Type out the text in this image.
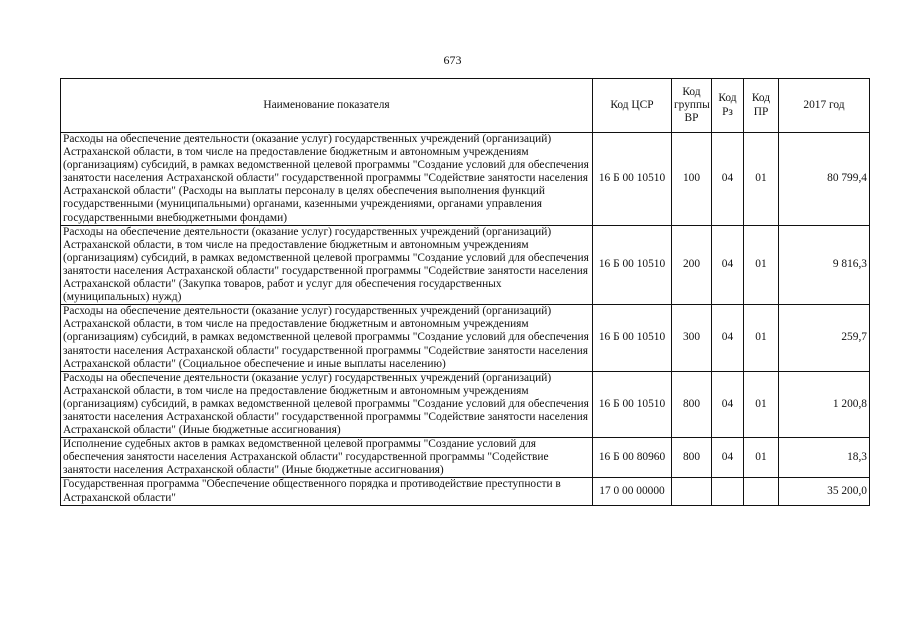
673
Наименование показателя	Код ЦСР	Код группы ВР	Код Рз	Код ПР	2017 год
Расходы на обеспечение деятельности (оказание услуг) государственных учреждений (организаций) Астраханской области, в том числе на предоставление бюджетным и автономным учреждениям (организациям) субсидий, в рамках ведомственной целевой программы "Создание условий для обеспечения занятости населения Астраханской области" государственной программы "Содействие занятости населения Астраханской области" (Расходы на выплаты персоналу в целях обеспечения выполнения функций государственными (муниципальными) органами, казенными учреждениями, органами управления государственными внебюджетными фондами)	16 Б 00 10510	100	04	01	80 799,4
Расходы на обеспечение деятельности (оказание услуг) государственных учреждений (организаций) Астраханской области, в том числе на предоставление бюджетным и автономным учреждениям (организациям) субсидий, в рамках ведомственной целевой программы "Создание условий для обеспечения занятости населения Астраханской области" государственной программы "Содействие занятости населения Астраханской области" (Закупка товаров, работ и услуг для обеспечения государственных (муниципальных) нужд)	16 Б 00 10510	200	04	01	9 816,3
Расходы на обеспечение деятельности (оказание услуг) государственных учреждений (организаций) Астраханской области, в том числе на предоставление бюджетным и автономным учреждениям (организациям) субсидий, в рамках ведомственной целевой программы "Создание условий для обеспечения занятости населения Астраханской области" государственной программы "Содействие занятости населения Астраханской области" (Социальное обеспечение и иные выплаты населению)	16 Б 00 10510	300	04	01	259,7
Расходы на обеспечение деятельности (оказание услуг) государственных учреждений (организаций) Астраханской области, в том числе на предоставление бюджетным и автономным учреждениям (организациям) субсидий, в рамках ведомственной целевой программы "Создание условий для обеспечения занятости населения Астраханской области" государственной программы "Содействие занятости населения Астраханской области" (Иные бюджетные ассигнования)	16 Б 00 10510	800	04	01	1 200,8
Исполнение судебных актов в рамках ведомственной целевой программы "Создание условий для обеспечения занятости населения Астраханской области" государственной программы "Содействие занятости населения Астраханской области" (Иные бюджетные ассигнования)	16 Б 00 80960	800	04	01	18,3
Государственная программа "Обеспечение общественного порядка и противодействие преступности в Астраханской области"	17 0 00 00000				35 200,0
